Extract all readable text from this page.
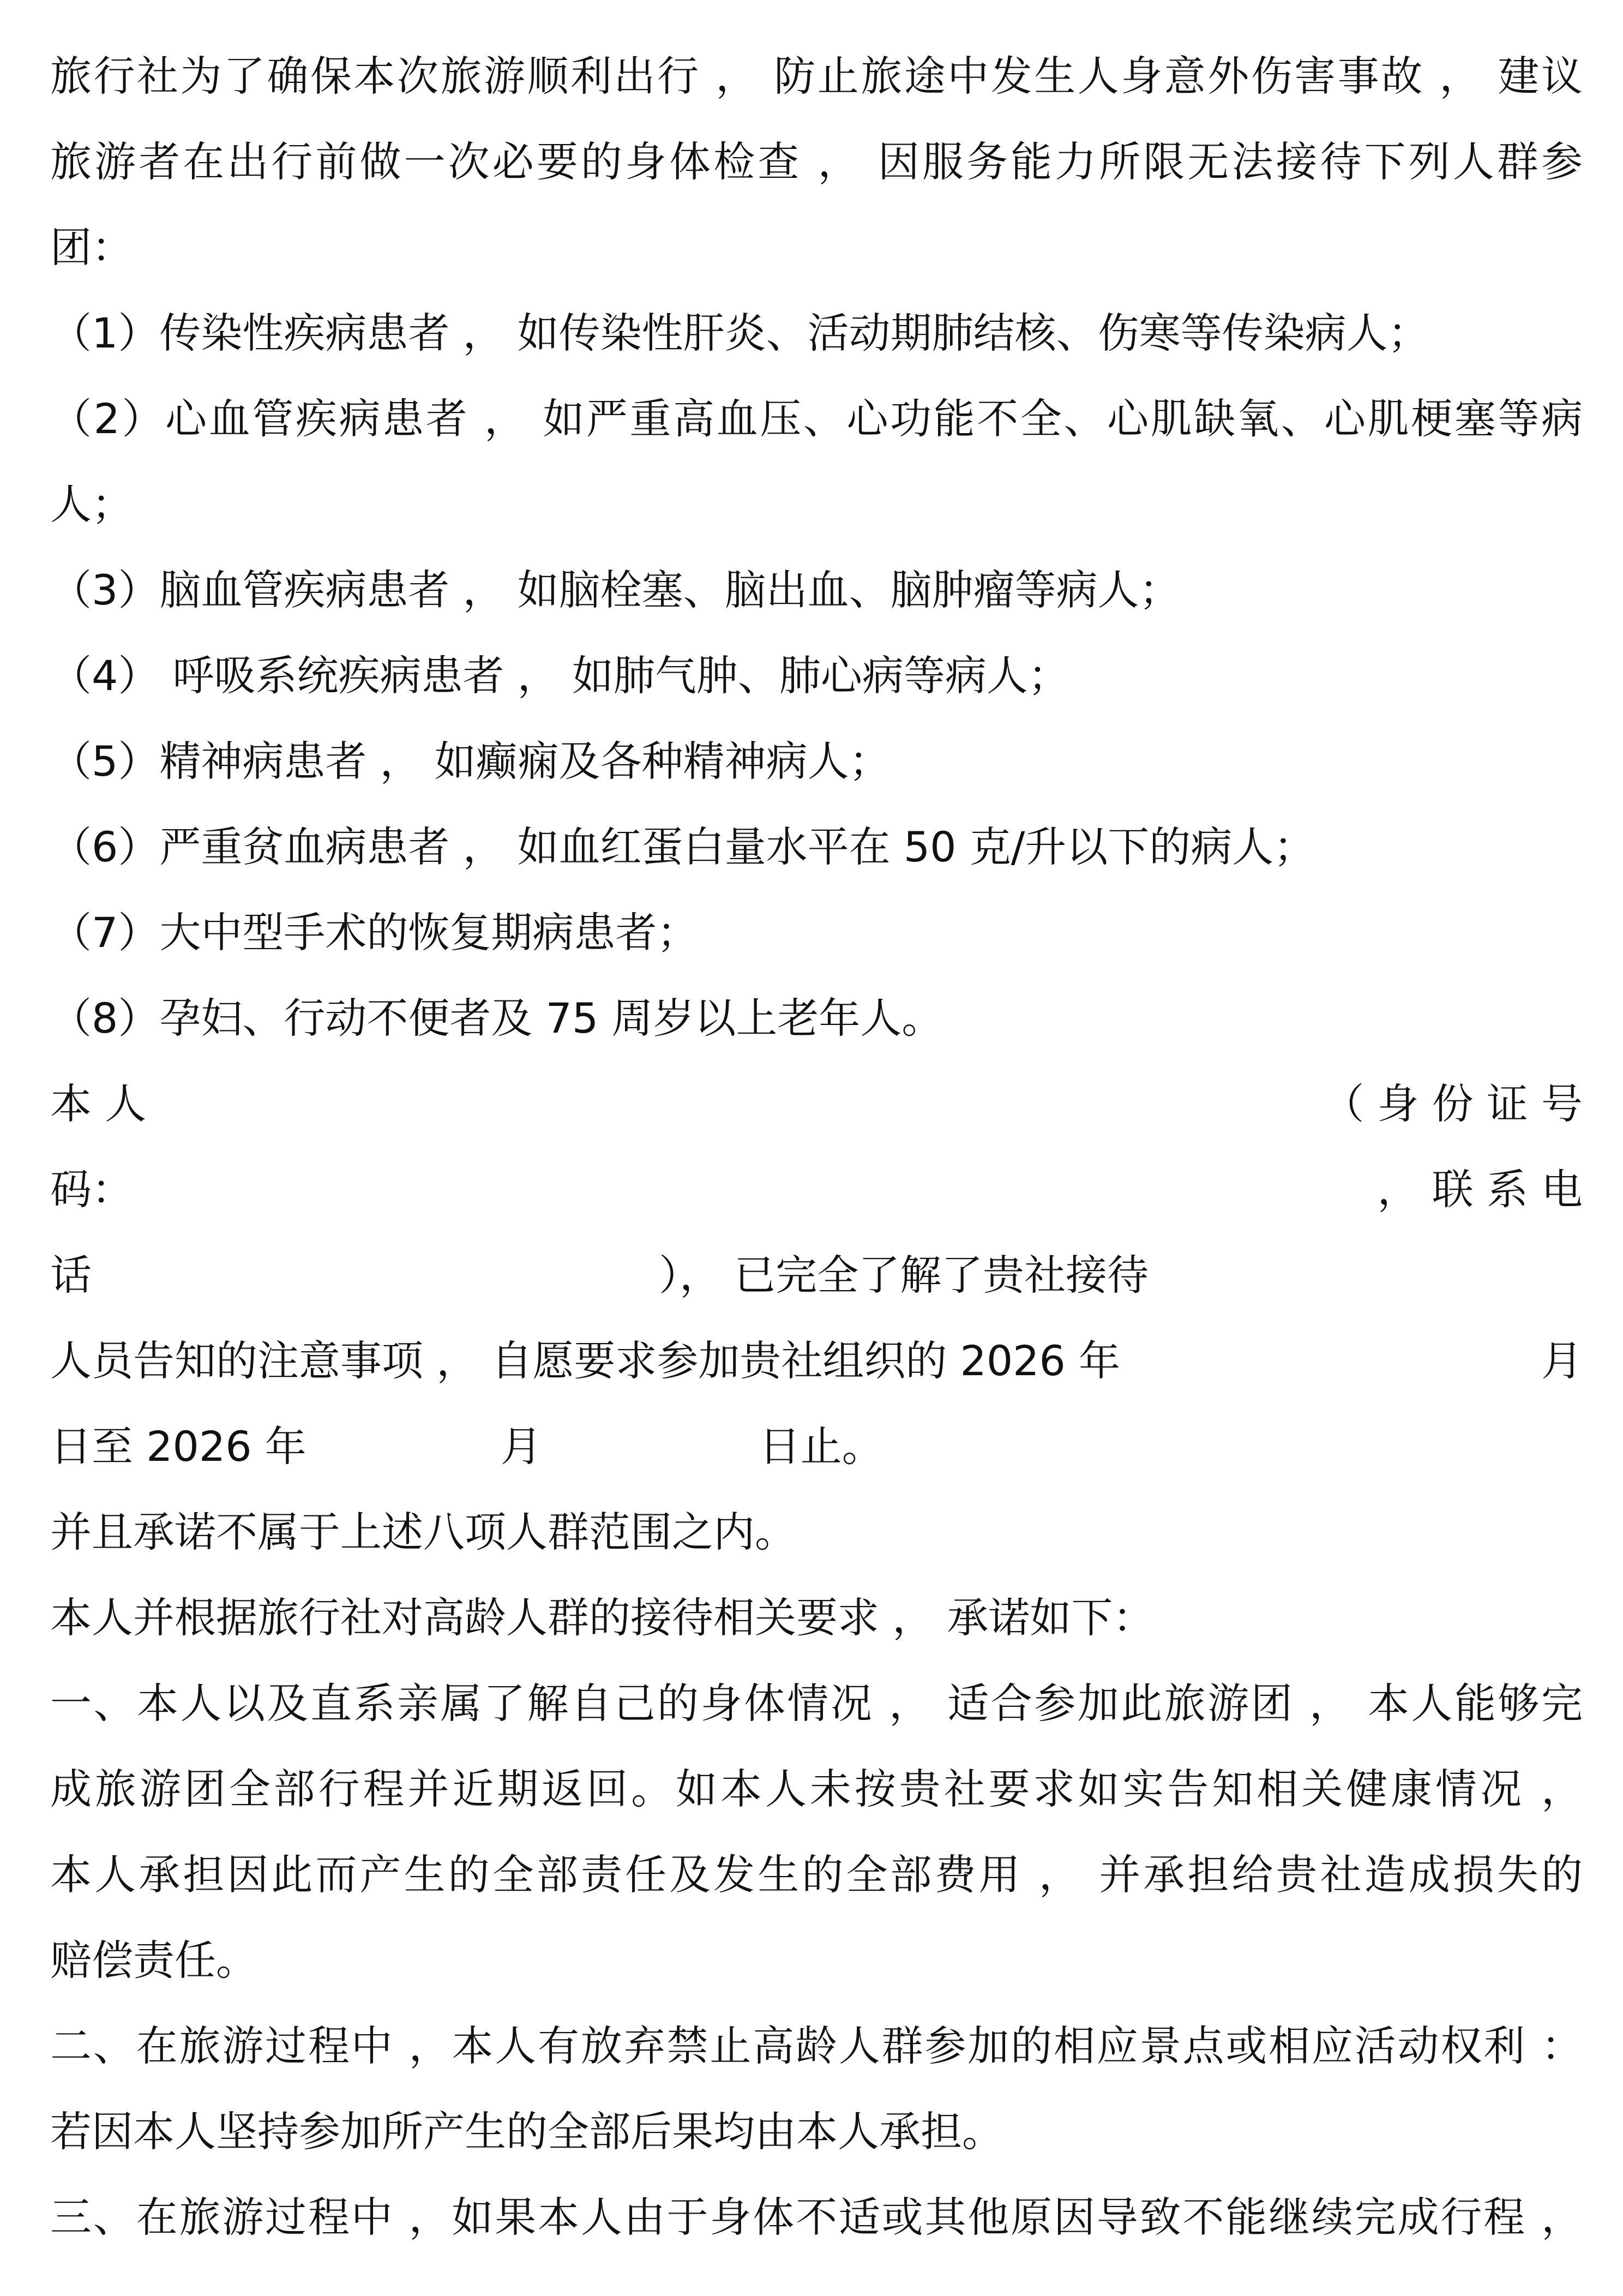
旅行社为了确保本次旅游顺利出行 ， 防止旅途中发生人身意外伤害事故 ， 建议
旅游者在出行前做一次必要的身体检查 ， 因服务能力所限无法接待下列人群参
团：
（1）传染性疾病患者 ， 如传染性肝炎、活动期肺结核、伤寒等传染病人；
（2）心血管疾病患者 ， 如严重高血压、心功能不全、心肌缺氧、心肌梗塞等病
人；
（3）脑血管疾病患者 ， 如脑栓塞、脑出血、脑肿瘤等病人；
（4） 呼吸系统疾病患者 ， 如肺气肿、肺心病等病人；
（5）精神病患者 ， 如癫痫及各种精神病人；
（6）严重贫血病患者 ， 如血红蛋白量水平在 50 克/升以下的病人；
（7）大中型手术的恢复期病患者；
（8）孕妇、行动不便者及 75 周岁以上老年人。
本 人	（ 身 份 证 号
码：	， 联 系 电
话	）， 已完全了解了贵社接待
人员告知的注意事项 ， 自愿要求参加贵社组织的 2026 年	月
日至 2026 年	月	日止。
并且承诺不属于上述八项人群范围之内。
本人并根据旅行社对高龄人群的接待相关要求 ， 承诺如下：
一、本人以及直系亲属了解自己的身体情况 ， 适合参加此旅游团 ， 本人能够完
成旅游团全部行程并近期返回。如本人未按贵社要求如实告知相关健康情况 ，
本人承担因此而产生的全部责任及发生的全部费用 ， 并承担给贵社造成损失的
赔偿责任。
二、在旅游过程中 ，本人有放弃禁止高龄人群参加的相应景点或相应活动权利 ：
若因本人坚持参加所产生的全部后果均由本人承担。
三、在旅游过程中 ，如果本人由于身体不适或其他原因导致不能继续完成行程 ，
